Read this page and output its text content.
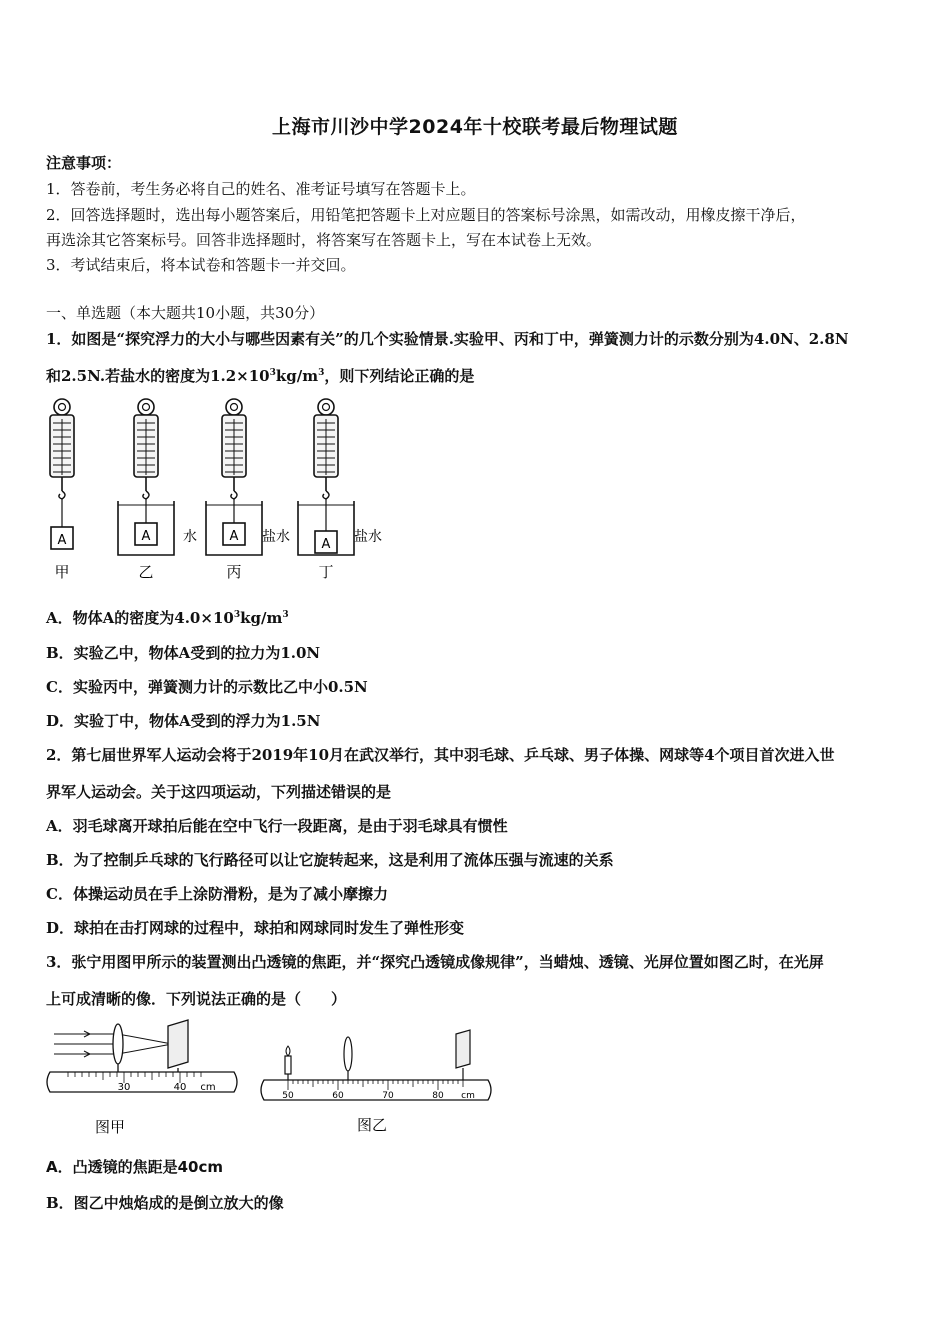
上海市川沙中学2024年十校联考最后物理试题
注意事项：
1．答卷前，考生务必将自己的姓名、准考证号填写在答题卡上。
2．回答选择题时，选出每小题答案后，用铅笔把答题卡上对应题目的答案标号涂黑，如需改动，用橡皮擦干净后，
再选涂其它答案标号。回答非选择题时，将答案写在答题卡上，写在本试卷上无效。
3．考试结束后，将本试卷和答题卡一并交回。
一、单选题（本大题共10小题，共30分）
1．如图是“探究浮力的大小与哪些因素有关”的几个实验情景.实验甲、丙和丁中，弹簧测力计的示数分别为4.0N、2.8N
和2.5N.若盐水的密度为$1.2\times 10^3kg/m^3$，则下列结论正确的是
A
甲
A 水
乙
A 盐水
丙
A 盐水
丁
A．物体A的密度为$4.0\times 10^3kg/m^3$
B．实验乙中，物体A受到的拉力为1.0N
C．实验丙中，弹簧测力计的示数比乙中小0.5N
D．实验丁中，物体A受到的浮力为1.5N
2．第七届世界军人运动会将于2019年10月在武汉举行，其中羽毛球、乒乓球、男子体操、网球等4个项目首次进入世
界军人运动会。关于这四项运动，下列描述错误的是
A．羽毛球离开球拍后能在空中飞行一段距离，是由于羽毛球具有惯性
B．为了控制乒乓球的飞行路径可以让它旋转起来，这是利用了流体压强与流速的关系
C．体操运动员在手上涂防滑粉，是为了减小摩擦力
D．球拍在击打网球的过程中，球拍和网球同时发生了弹性形变
3．张宁用图甲所示的装置测出凸透镜的焦距，并“探究凸透镜成像规律”，当蜡烛、透镜、光屏位置如图乙时，在光屏
上可成清晰的像．下列说法正确的是（　　）
30	40 cm
图甲
50	60	70	80 cm
图乙
A．凸透镜的焦距是40cm
B．图乙中烛焰成的是倒立放大的像
